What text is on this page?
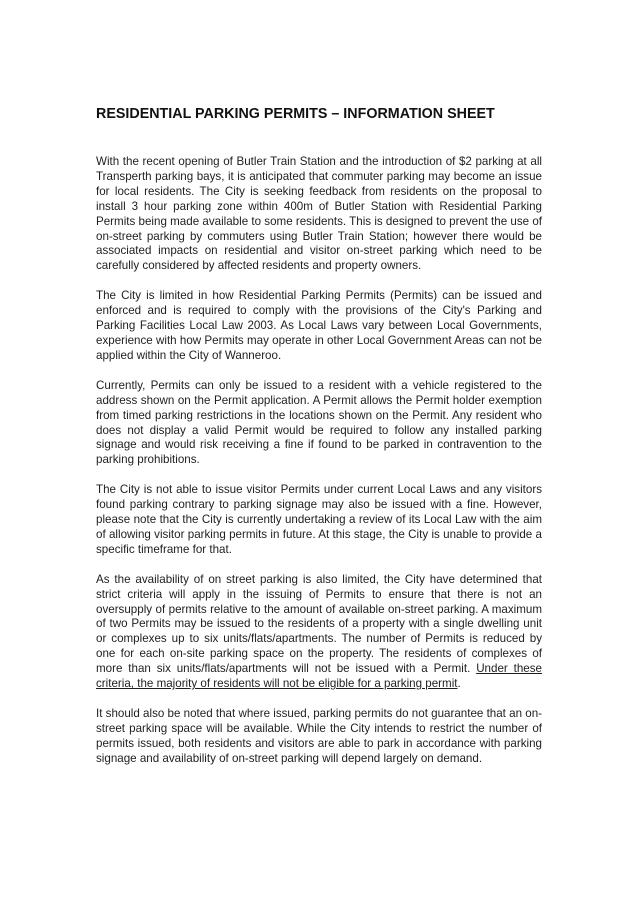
RESIDENTIAL PARKING PERMITS – INFORMATION SHEET

With the recent opening of Butler Train Station and the introduction of $2 parking at all Transperth parking bays, it is anticipated that commuter parking may become an issue for local residents. The City is seeking feedback from residents on the proposal to install 3 hour parking zone within 400m of Butler Station with Residential Parking Permits being made available to some residents. This is designed to prevent the use of on-street parking by commuters using Butler Train Station; however there would be associated impacts on residential and visitor on-street parking which need to be carefully considered by affected residents and property owners.

The City is limited in how Residential Parking Permits (Permits) can be issued and enforced and is required to comply with the provisions of the City's Parking and Parking Facilities Local Law 2003. As Local Laws vary between Local Governments, experience with how Permits may operate in other Local Government Areas can not be applied within the City of Wanneroo.

Currently, Permits can only be issued to a resident with a vehicle registered to the address shown on the Permit application. A Permit allows the Permit holder exemption from timed parking restrictions in the locations shown on the Permit. Any resident who does not display a valid Permit would be required to follow any installed parking signage and would risk receiving a fine if found to be parked in contravention to the parking prohibitions.

The City is not able to issue visitor Permits under current Local Laws and any visitors found parking contrary to parking signage may also be issued with a fine. However, please note that the City is currently undertaking a review of its Local Law with the aim of allowing visitor parking permits in future. At this stage, the City is unable to provide a specific timeframe for that.

As the availability of on street parking is also limited, the City have determined that strict criteria will apply in the issuing of Permits to ensure that there is not an oversupply of permits relative to the amount of available on-street parking. A maximum of two Permits may be issued to the residents of a property with a single dwelling unit or complexes up to six units/flats/apartments. The number of Permits is reduced by one for each on-site parking space on the property. The residents of complexes of more than six units/flats/apartments will not be issued with a Permit. Under these criteria, the majority of residents will not be eligible for a parking permit.

It should also be noted that where issued, parking permits do not guarantee that an on-street parking space will be available. While the City intends to restrict the number of permits issued, both residents and visitors are able to park in accordance with parking signage and availability of on-street parking will depend largely on demand.
